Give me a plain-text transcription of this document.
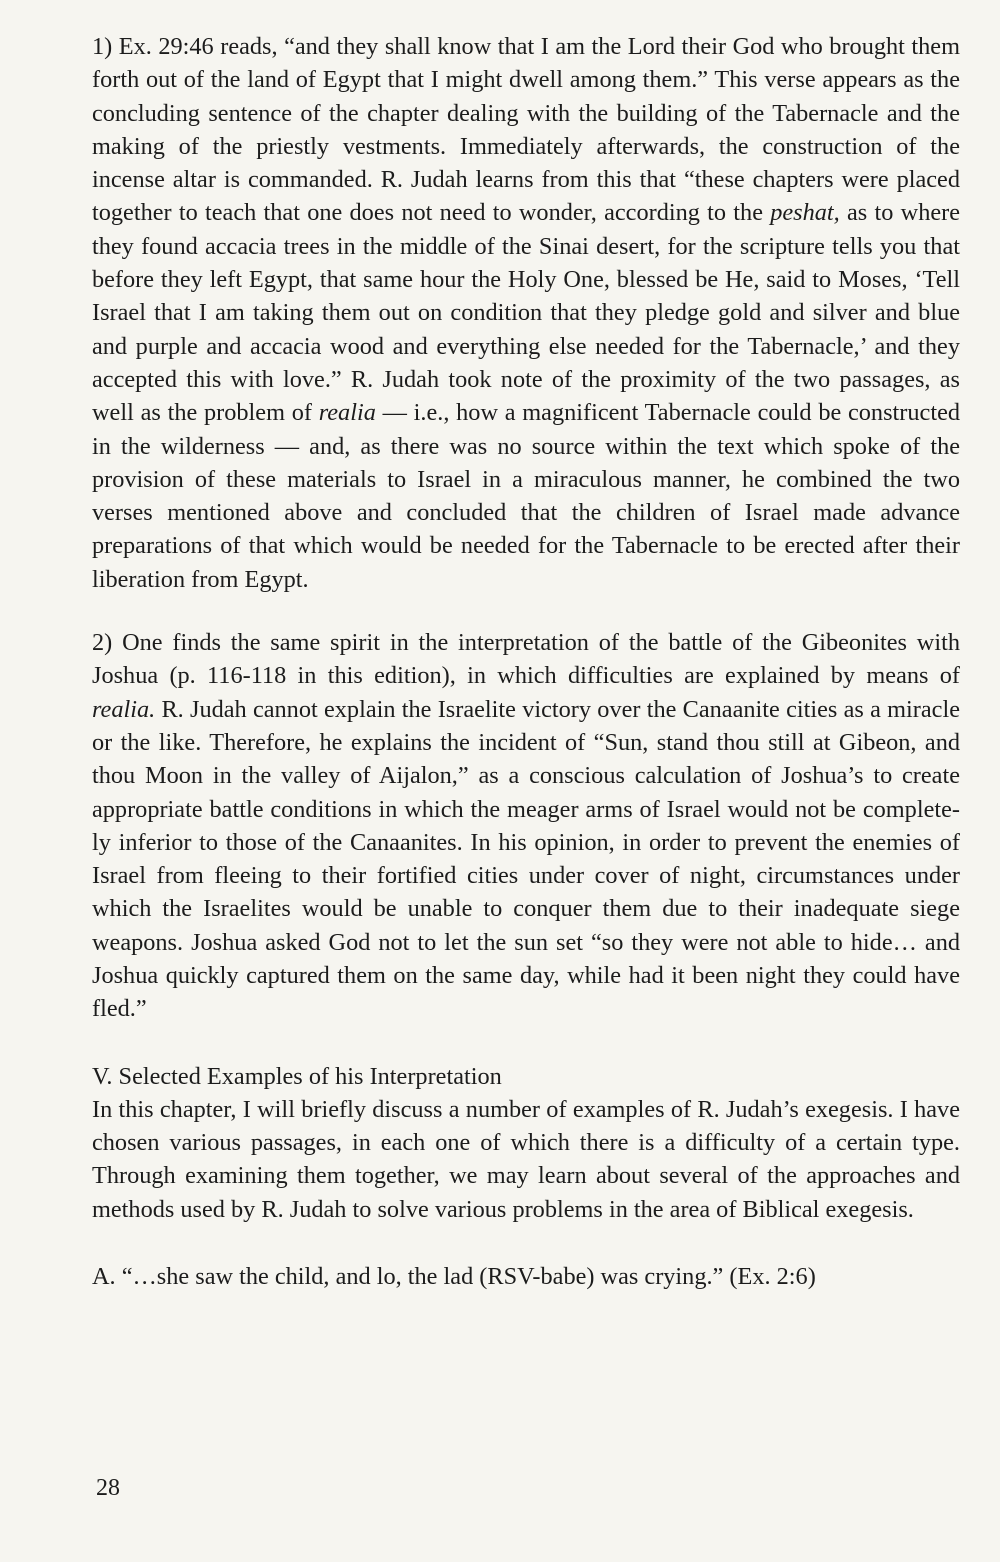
1) Ex. 29:46 reads, “and they shall know that I am the Lord their God who brought them forth out of the land of Egypt that I might dwell among them.” This verse appears as the concluding sentence of the chapter dealing with the building of the Tabernacle and the making of the priestly vestments. Immediately afterwards, the construction of the incense altar is commanded. R. Judah learns from this that “these chapters were placed together to teach that one does not need to wonder, according to the peshat, as to where they found accacia trees in the middle of the Sinai desert, for the scripture tells you that before they left Egypt, that same hour the Holy One, blessed be He, said to Moses, ‘Tell Israel that I am taking them out on condition that they pledge gold and silver and blue and purple and accacia wood and everything else needed for the Tabernacle,’ and they accepted this with love.” R. Judah took note of the proximity of the two passages, as well as the problem of realia — i.e., how a magnificent Tabernacle could be constructed in the wilderness — and, as there was no source within the text which spoke of the provision of these materials to Israel in a miraculous manner, he combined the two verses mentioned above and concluded that the children of Israel made advance preparations of that which would be needed for the Tabernacle to be erected after their liberation from Egypt.

2) One finds the same spirit in the interpretation of the battle of the Gibeonites with Joshua (p. 116-118 in this edition), in which difficulties are explained by means of realia. R. Judah cannot explain the Israelite victory over the Canaanite cities as a miracle or the like. Therefore, he explains the incident of “Sun, stand thou still at Gibeon, and thou Moon in the valley of Aijalon,” as a conscious calculation of Joshua’s to create appropriate battle conditions in which the meager arms of Israel would not be completely inferior to those of the Canaanites. In his opinion, in order to prevent the enemies of Israel from fleeing to their fortified cities under cover of night, circumstances under which the Israelites would be unable to conquer them due to their inadequate siege weapons. Joshua asked God not to let the sun set “so they were not able to hide… and Joshua quickly captured them on the same day, while had it been night they could have fled.”

V. Selected Examples of his Interpretation

In this chapter, I will briefly discuss a number of examples of R. Judah’s exegesis. I have chosen various passages, in each one of which there is a difficulty of a certain type. Through examining them together, we may learn about several of the approaches and methods used by R. Judah to solve various problems in the area of Biblical exegesis.

A. “…she saw the child, and lo, the lad (RSV-babe) was crying.” (Ex. 2:6)

28
